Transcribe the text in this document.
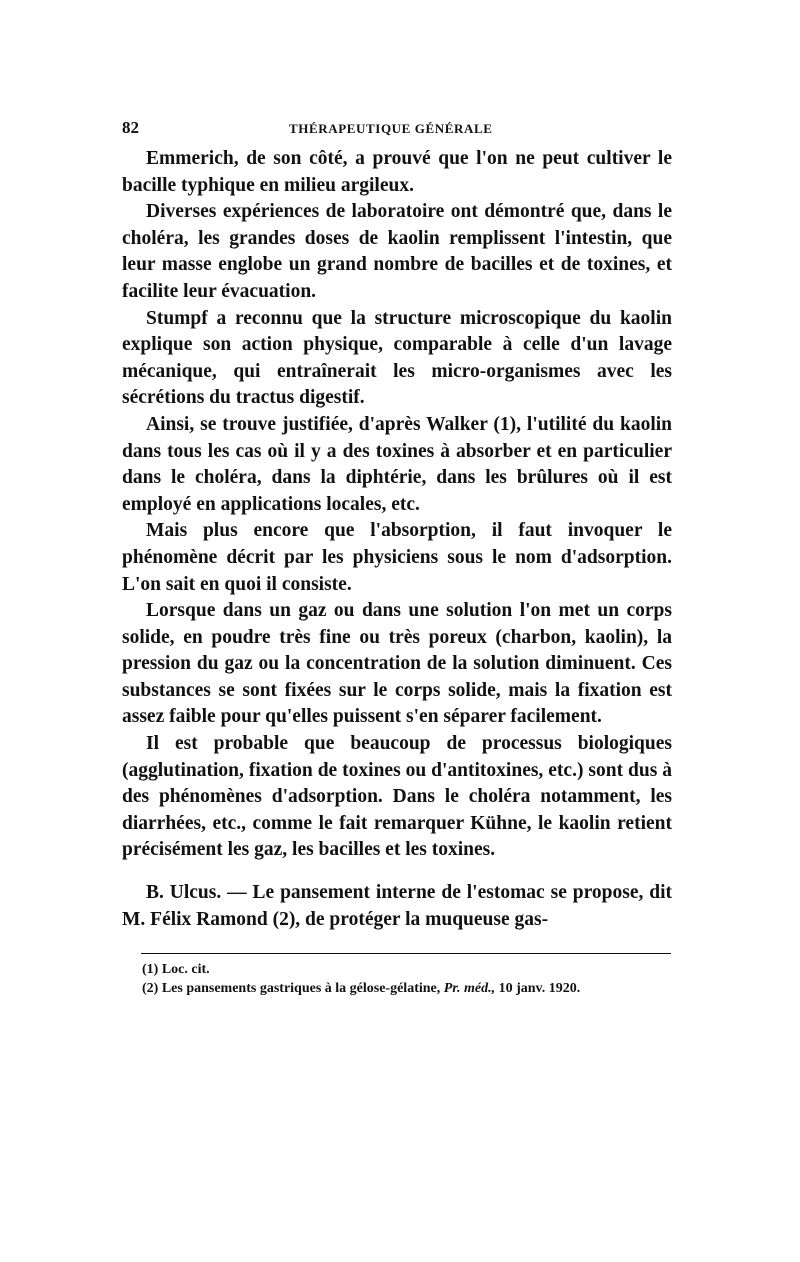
82	THÉRAPEUTIQUE GÉNÉRALE

Emmerich, de son côté, a prouvé que l'on ne peut cultiver le bacille typhique en milieu argileux.

Diverses expériences de laboratoire ont démontré que, dans le choléra, les grandes doses de kaolin remplissent l'intestin, que leur masse englobe un grand nombre de bacilles et de toxines, et facilite leur évacuation.

Stumpf a reconnu que la structure microscopique du kaolin explique son action physique, comparable à celle d'un lavage mécanique, qui entraînerait les micro-organismes avec les sécrétions du tractus digestif.

Ainsi, se trouve justifiée, d'après Walker (1), l'utilité du kaolin dans tous les cas où il y a des toxines à absorber et en particulier dans le choléra, dans la diphtérie, dans les brûlures où il est employé en applications locales, etc.

Mais plus encore que l'absorption, il faut invoquer le phénomène décrit par les physiciens sous le nom d'adsorption. L'on sait en quoi il consiste.

Lorsque dans un gaz ou dans une solution l'on met un corps solide, en poudre très fine ou très poreux (charbon, kaolin), la pression du gaz ou la concentration de la solution diminuent. Ces substances se sont fixées sur le corps solide, mais la fixation est assez faible pour qu'elles puissent s'en séparer facilement.

Il est probable que beaucoup de processus biologiques (agglutination, fixation de toxines ou d'antitoxines, etc.) sont dus à des phénomènes d'adsorption. Dans le choléra notamment, les diarrhées, etc., comme le fait remarquer Kühne, le kaolin retient précisément les gaz, les bacilles et les toxines.

B. Ulcus. — Le pansement interne de l'estomac se propose, dit M. Félix Ramond (2), de protéger la muqueuse gas-

(1) Loc. cit.

(2) Les pansements gastriques à la gélose-gélatine, Pr. méd., 10 janv. 1920.
